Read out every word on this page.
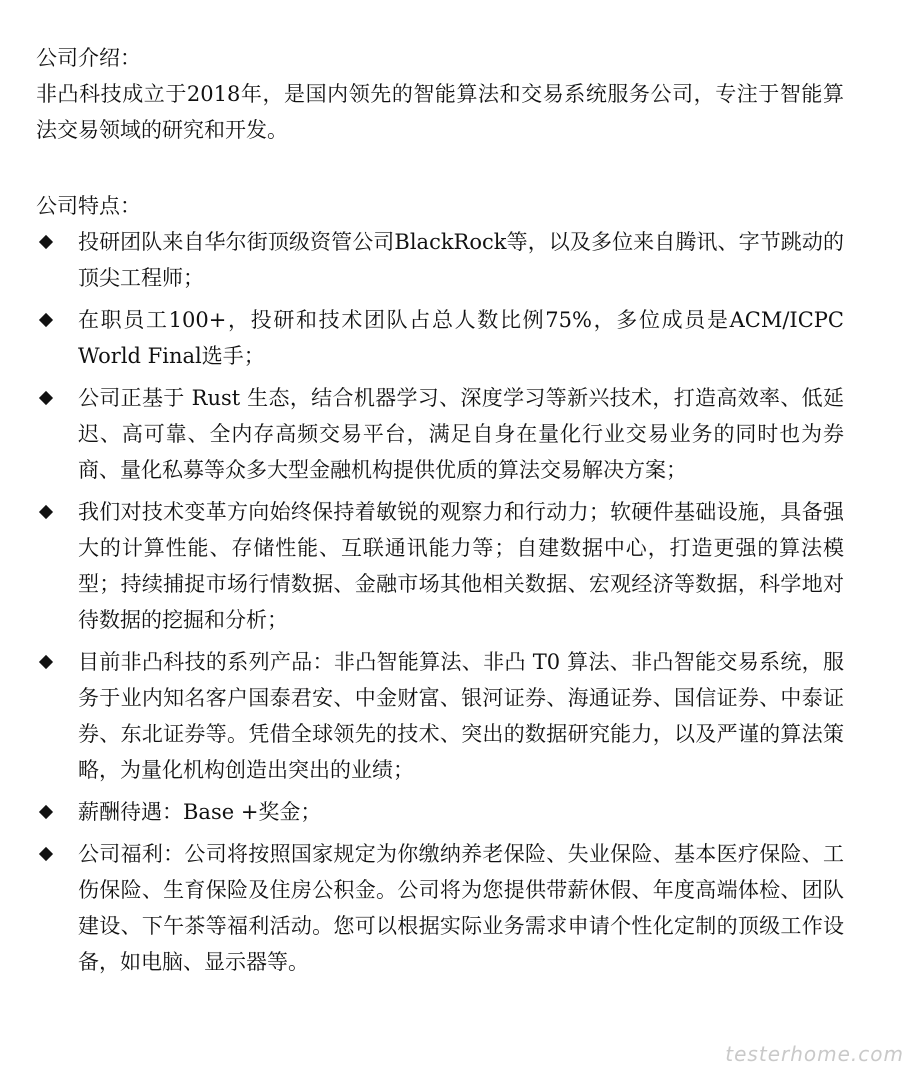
公司介绍：

非凸科技成立于2018年，是国内领先的智能算法和交易系统服务公司，专注于智能算法交易领域的研究和开发。

公司特点：

投研团队来自华尔街顶级资管公司BlackRock等，以及多位来自腾讯、字节跳动的顶尖工程师；
在职员工100+，投研和技术团队占总人数比例75%，多位成员是ACM/ICPC World Final选手；
公司正基于 Rust 生态，结合机器学习、深度学习等新兴技术，打造高效率、低延迟、高可靠、全内存高频交易平台，满足自身在量化行业交易业务的同时也为券商、量化私募等众多大型金融机构提供优质的算法交易解决方案；
我们对技术变革方向始终保持着敏锐的观察力和行动力；软硬件基础设施，具备强大的计算性能、存储性能、互联通讯能力等；自建数据中心，打造更强的算法模型；持续捕捉市场行情数据、金融市场其他相关数据、宏观经济等数据，科学地对待数据的挖掘和分析；
目前非凸科技的系列产品：非凸智能算法、非凸 T0 算法、非凸智能交易系统，服务于业内知名客户国泰君安、中金财富、银河证券、海通证券、国信证券、中泰证券、东北证券等。凭借全球领先的技术、突出的数据研究能力，以及严谨的算法策略，为量化机构创造出突出的业绩；
薪酬待遇：Base +奖金；
公司福利：公司将按照国家规定为你缴纳养老保险、失业保险、基本医疗保险、工伤保险、生育保险及住房公积金。公司将为您提供带薪休假、年度高端体检、团队建设、下午茶等福利活动。您可以根据实际业务需求申请个性化定制的顶级工作设备，如电脑、显示器等。
testerhome.com
